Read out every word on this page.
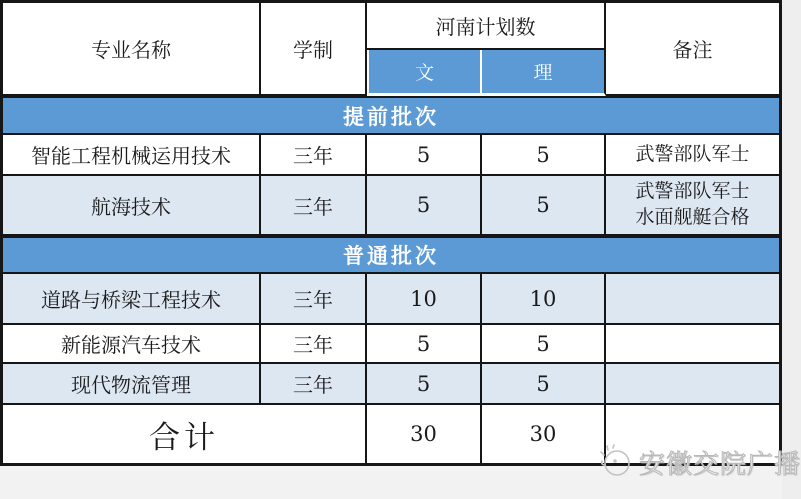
专业名称	学制	河南计划数		备注
		文	理	
提前批次				
智能工程机械运用技术	三年	5	5	武警部队军士

航海技术	三年	5	5	武警部队军士
水面舰艇合格

普通批次				
道路与桥梁工程技术	三年	10	10	

新能源汽车技术	三年	5	5	

现代物流管理	三年	5	5	

合计		30	30	
安徽交院广播
